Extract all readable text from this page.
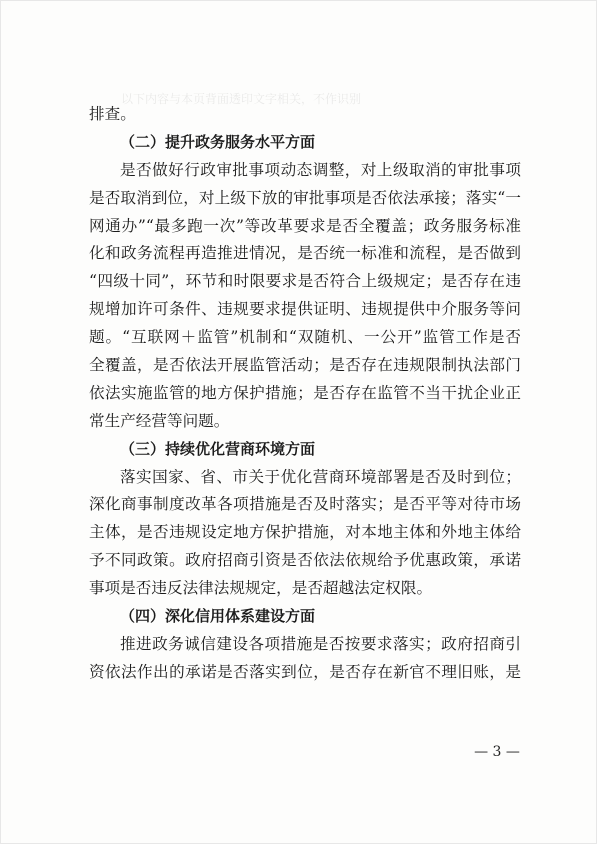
以下内容与本页背面透印文字相关，不作识别
排查。
（二）提升政务服务水平方面
是否做好行政审批事项动态调整，对上级取消的审批事项
是否取消到位，对上级下放的审批事项是否依法承接；落实“一
网通办”“最多跑一次”等改革要求是否全覆盖；政务服务标准
化和政务流程再造推进情况，是否统一标准和流程，是否做到
“四级十同”，环节和时限要求是否符合上级规定；是否存在违
规增加许可条件、违规要求提供证明、违规提供中介服务等问
题。“互联网＋监管”机制和“双随机、一公开”监管工作是否
全覆盖，是否依法开展监管活动；是否存在违规限制执法部门
依法实施监管的地方保护措施；是否存在监管不当干扰企业正
常生产经营等问题。
（三）持续优化营商环境方面
落实国家、省、市关于优化营商环境部署是否及时到位；
深化商事制度改革各项措施是否及时落实；是否平等对待市场
主体，是否违规设定地方保护措施，对本地主体和外地主体给
予不同政策。政府招商引资是否依法依规给予优惠政策，承诺
事项是否违反法律法规规定，是否超越法定权限。
（四）深化信用体系建设方面
推进政务诚信建设各项措施是否按要求落实；政府招商引
资依法作出的承诺是否落实到位，是否存在新官不理旧账，是
— 3 —
